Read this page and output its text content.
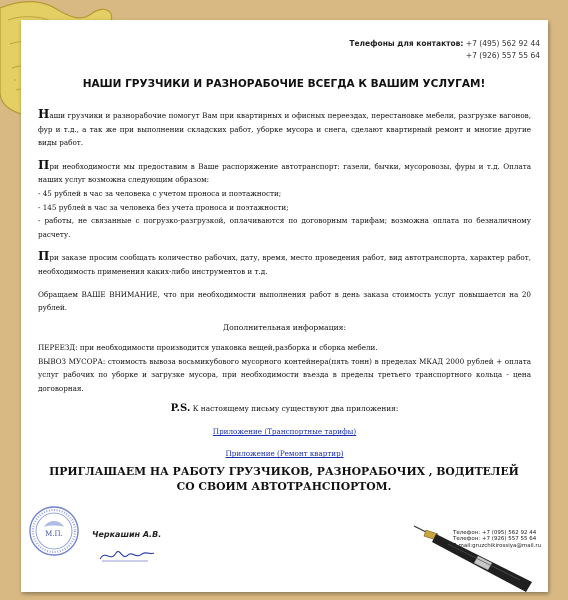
Телефоны для контактов: +7 (495) 562 92 44
+7 (926) 557 55 64
НАШИ ГРУЗЧИКИ И РАЗНОРАБОЧИЕ ВСЕГДА К ВАШИМ УСЛУГАМ!

Наши грузчики и разнорабочие помогут Вам при квартирных и офисных переездах, перестановке мебели, разгрузке вагонов, фур и т.д., а так же при выполнении складских работ, уборке мусора и снега, сделают квартирный ремонт и многие другие виды работ.

При необходимости мы предоставим в Ваше распоряжение автотранспорт: газели, бычки, мусоровозы, фуры и т.д. Оплата наших услуг возможна следующим образом:

- 45 рублей в час за человека с учетом проноса и поэтажности;
- 145 рублей в час за человека без учета проноса и поэтажности;
- работы, не связанные с погрузко-разгрузкой, оплачиваются по договорным тарифам; возможна оплата по безналичному расчету.

При заказе просим сообщать количество рабочих, дату, время, место проведения работ, вид автотранспорта, характер работ, необходимость применения каких-либо инструментов и т.д.

Обращаем ВАШЕ ВНИМАНИЕ, что при необходимости выполнения работ в день заказа стоимость услуг повышается на 20 рублей.

Дополнительная информация:
ПЕРЕЕЗД: при необходимости производится упаковка вещей,разборка и сборка мебели.
ВЫВОЗ МУСОРА: стоимость вывоза восьмикубового мусорного контейнера(пять тонн) в пределах МКАД 2000 рублей + оплата услуг рабочих по уборке и загрузке мусора, при необходимости въезда в пределы третьего транспортного кольца - цена договорная.
P.S. К настоящему письму существуют два приложения:
Приложение (Транспортные тарифы)
Приложение (Ремонт квартир)
ПРИГЛАШАЕМ НА РАБОТУ ГРУЗЧИКОВ, РАЗНОРАБОЧИХ , ВОДИТЕЛЕЙ СО СВОИМ АВТОТРАНСПОРТОМ.
М.П.	Черкашин А.В.	Телефон: +7 (095) 562 92 44
Телефон: +7 (926) 557 55 64
E-mail:gruzchikirossiya@mail.ru
